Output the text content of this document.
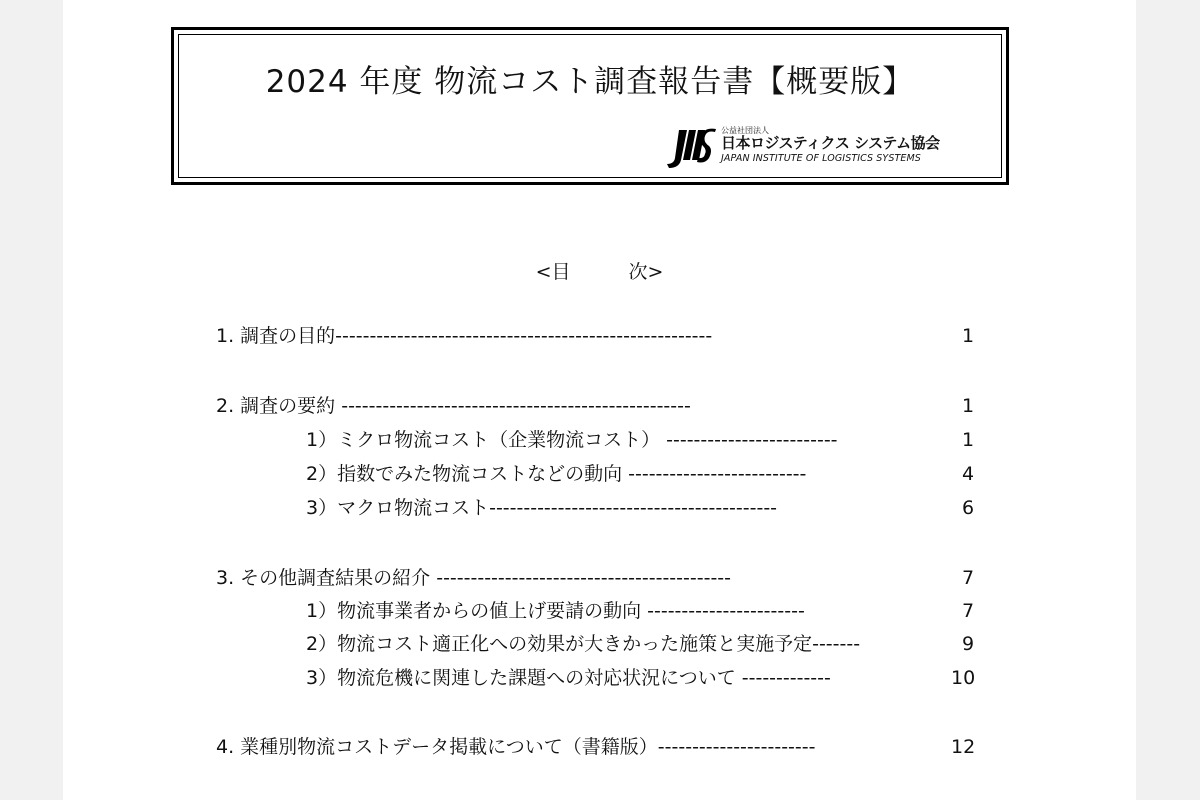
2024 年度 物流コスト調査報告書【概要版】
公益社団法人
日本ロジスティクス システム協会
JAPAN INSTITUTE OF LOGISTICS SYSTEMS
<目	次>
1. 調査の目的-------------------------------------------------------	1
2. 調査の要約 ---------------------------------------------------	1
1）ミクロ物流コスト（企業物流コスト） -------------------------	1
2）指数でみた物流コストなどの動向 --------------------------	4
3）マクロ物流コスト------------------------------------------	6
3. その他調査結果の紹介 -------------------------------------------	7
1）物流事業者からの値上げ要請の動向 -----------------------	7
2）物流コスト適正化への効果が大きかった施策と実施予定-------	9
3）物流危機に関連した課題への対応状況について -------------	10
4. 業種別物流コストデータ掲載について（書籍版）-----------------------	12
